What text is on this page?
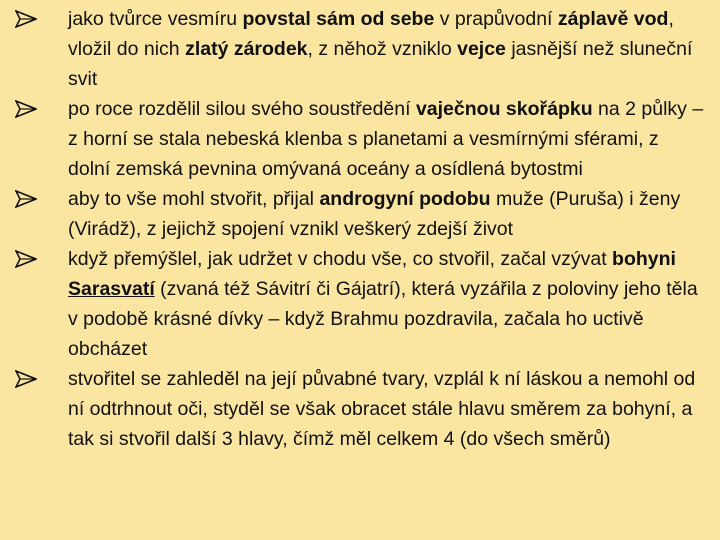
jako tvůrce vesmíru povstal sám od sebe v prapůvodní záplavě vod, vložil do nich zlatý zárodek, z něhož vzniklo vejce jasnější než sluneční svit
po roce rozdělil silou svého soustředění vaječnou skořápku na 2 půlky – z horní se stala nebeská klenba s planetami a vesmírnými sférami, z dolní zemská pevnina omývaná oceány a osídlená bytostmi
aby to vše mohl stvořit, přijal androgyní podobu muže (Puruša) i ženy (Virádž), z jejichž spojení vznikl veškerý zdejší život
když přemýšlel, jak udržet v chodu vše, co stvořil, začal vzývat bohyni Sarasvatí (zvaná též Sávitrí či Gájatrí), která vyzářila z poloviny jeho těla v podobě krásné dívky – když Brahmu pozdravila, začala ho uctivě obcházet
stvořitel se zahleděl na její půvabné tvary, vzplál k ní láskou a nemohl od ní odtrhnout oči, styděl se však obracet stále hlavu směrem za bohyní, a tak si stvořil další 3 hlavy, čímž měl celkem 4 (do všech směrů)
